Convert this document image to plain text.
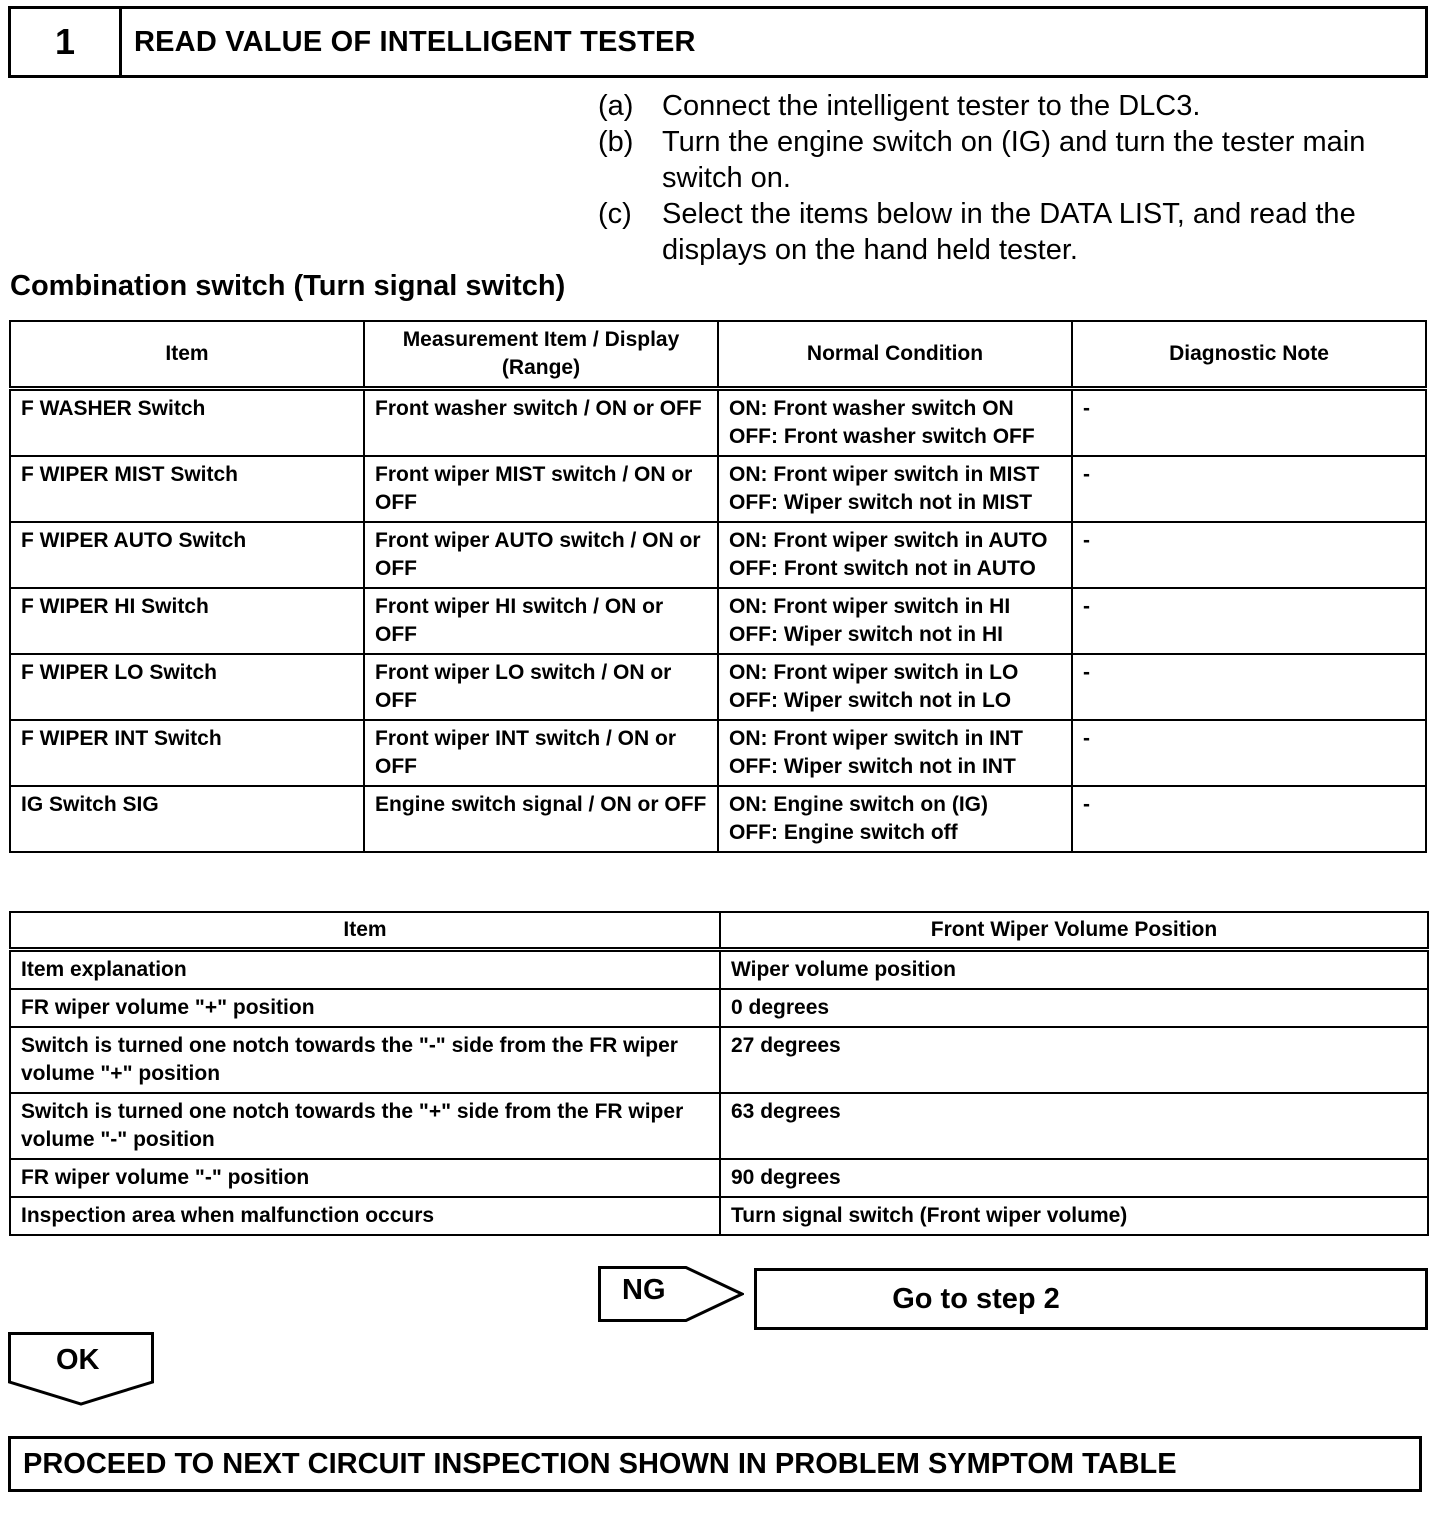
1	READ VALUE OF INTELLIGENT TESTER
(a) Connect the intelligent tester to the DLC3.
(b) Turn the engine switch on (IG) and turn the tester main switch on.
(c)	Select the items below in the DATA LIST, and read the displays on the hand held tester.
Combination switch (Turn signal switch)
Item	Measurement Item / Display (Range)	Normal Condition	Diagnostic Note
F WASHER Switch	Front washer switch / ON or OFF	ON: Front washer switch ON
OFF: Front washer switch OFF	-
F WIPER MIST Switch	Front wiper MIST switch / ON or OFF	ON: Front wiper switch in MIST
OFF: Wiper switch not in MIST	-
F WIPER AUTO Switch	Front wiper AUTO switch / ON or OFF	ON: Front wiper switch in AUTO
OFF: Front switch not in AUTO	-
F WIPER HI Switch	Front wiper HI switch / ON or OFF	ON: Front wiper switch in HI
OFF: Wiper switch not in HI	-
F WIPER LO Switch	Front wiper LO switch / ON or OFF	ON: Front wiper switch in LO
OFF: Wiper switch not in LO	-
F WIPER INT Switch	Front wiper INT switch / ON or OFF	ON: Front wiper switch in INT
OFF: Wiper switch not in INT	-
IG Switch SIG	Engine switch signal / ON or OFF	ON: Engine switch on (IG)
OFF: Engine switch off	-
Item	Front Wiper Volume Position
Item explanation	Wiper volume position
FR wiper volume "+" position	0 degrees
Switch is turned one notch towards the "-" side from the FR wiper volume "+" position	27 degrees
Switch is turned one notch towards the "+" side from the FR wiper volume "-" position	63 degrees
FR wiper volume "-" position	90 degrees
Inspection area when malfunction occurs	Turn signal switch (Front wiper volume)
NG	Go to step 2
OK
PROCEED TO NEXT CIRCUIT INSPECTION SHOWN IN PROBLEM SYMPTOM TABLE
